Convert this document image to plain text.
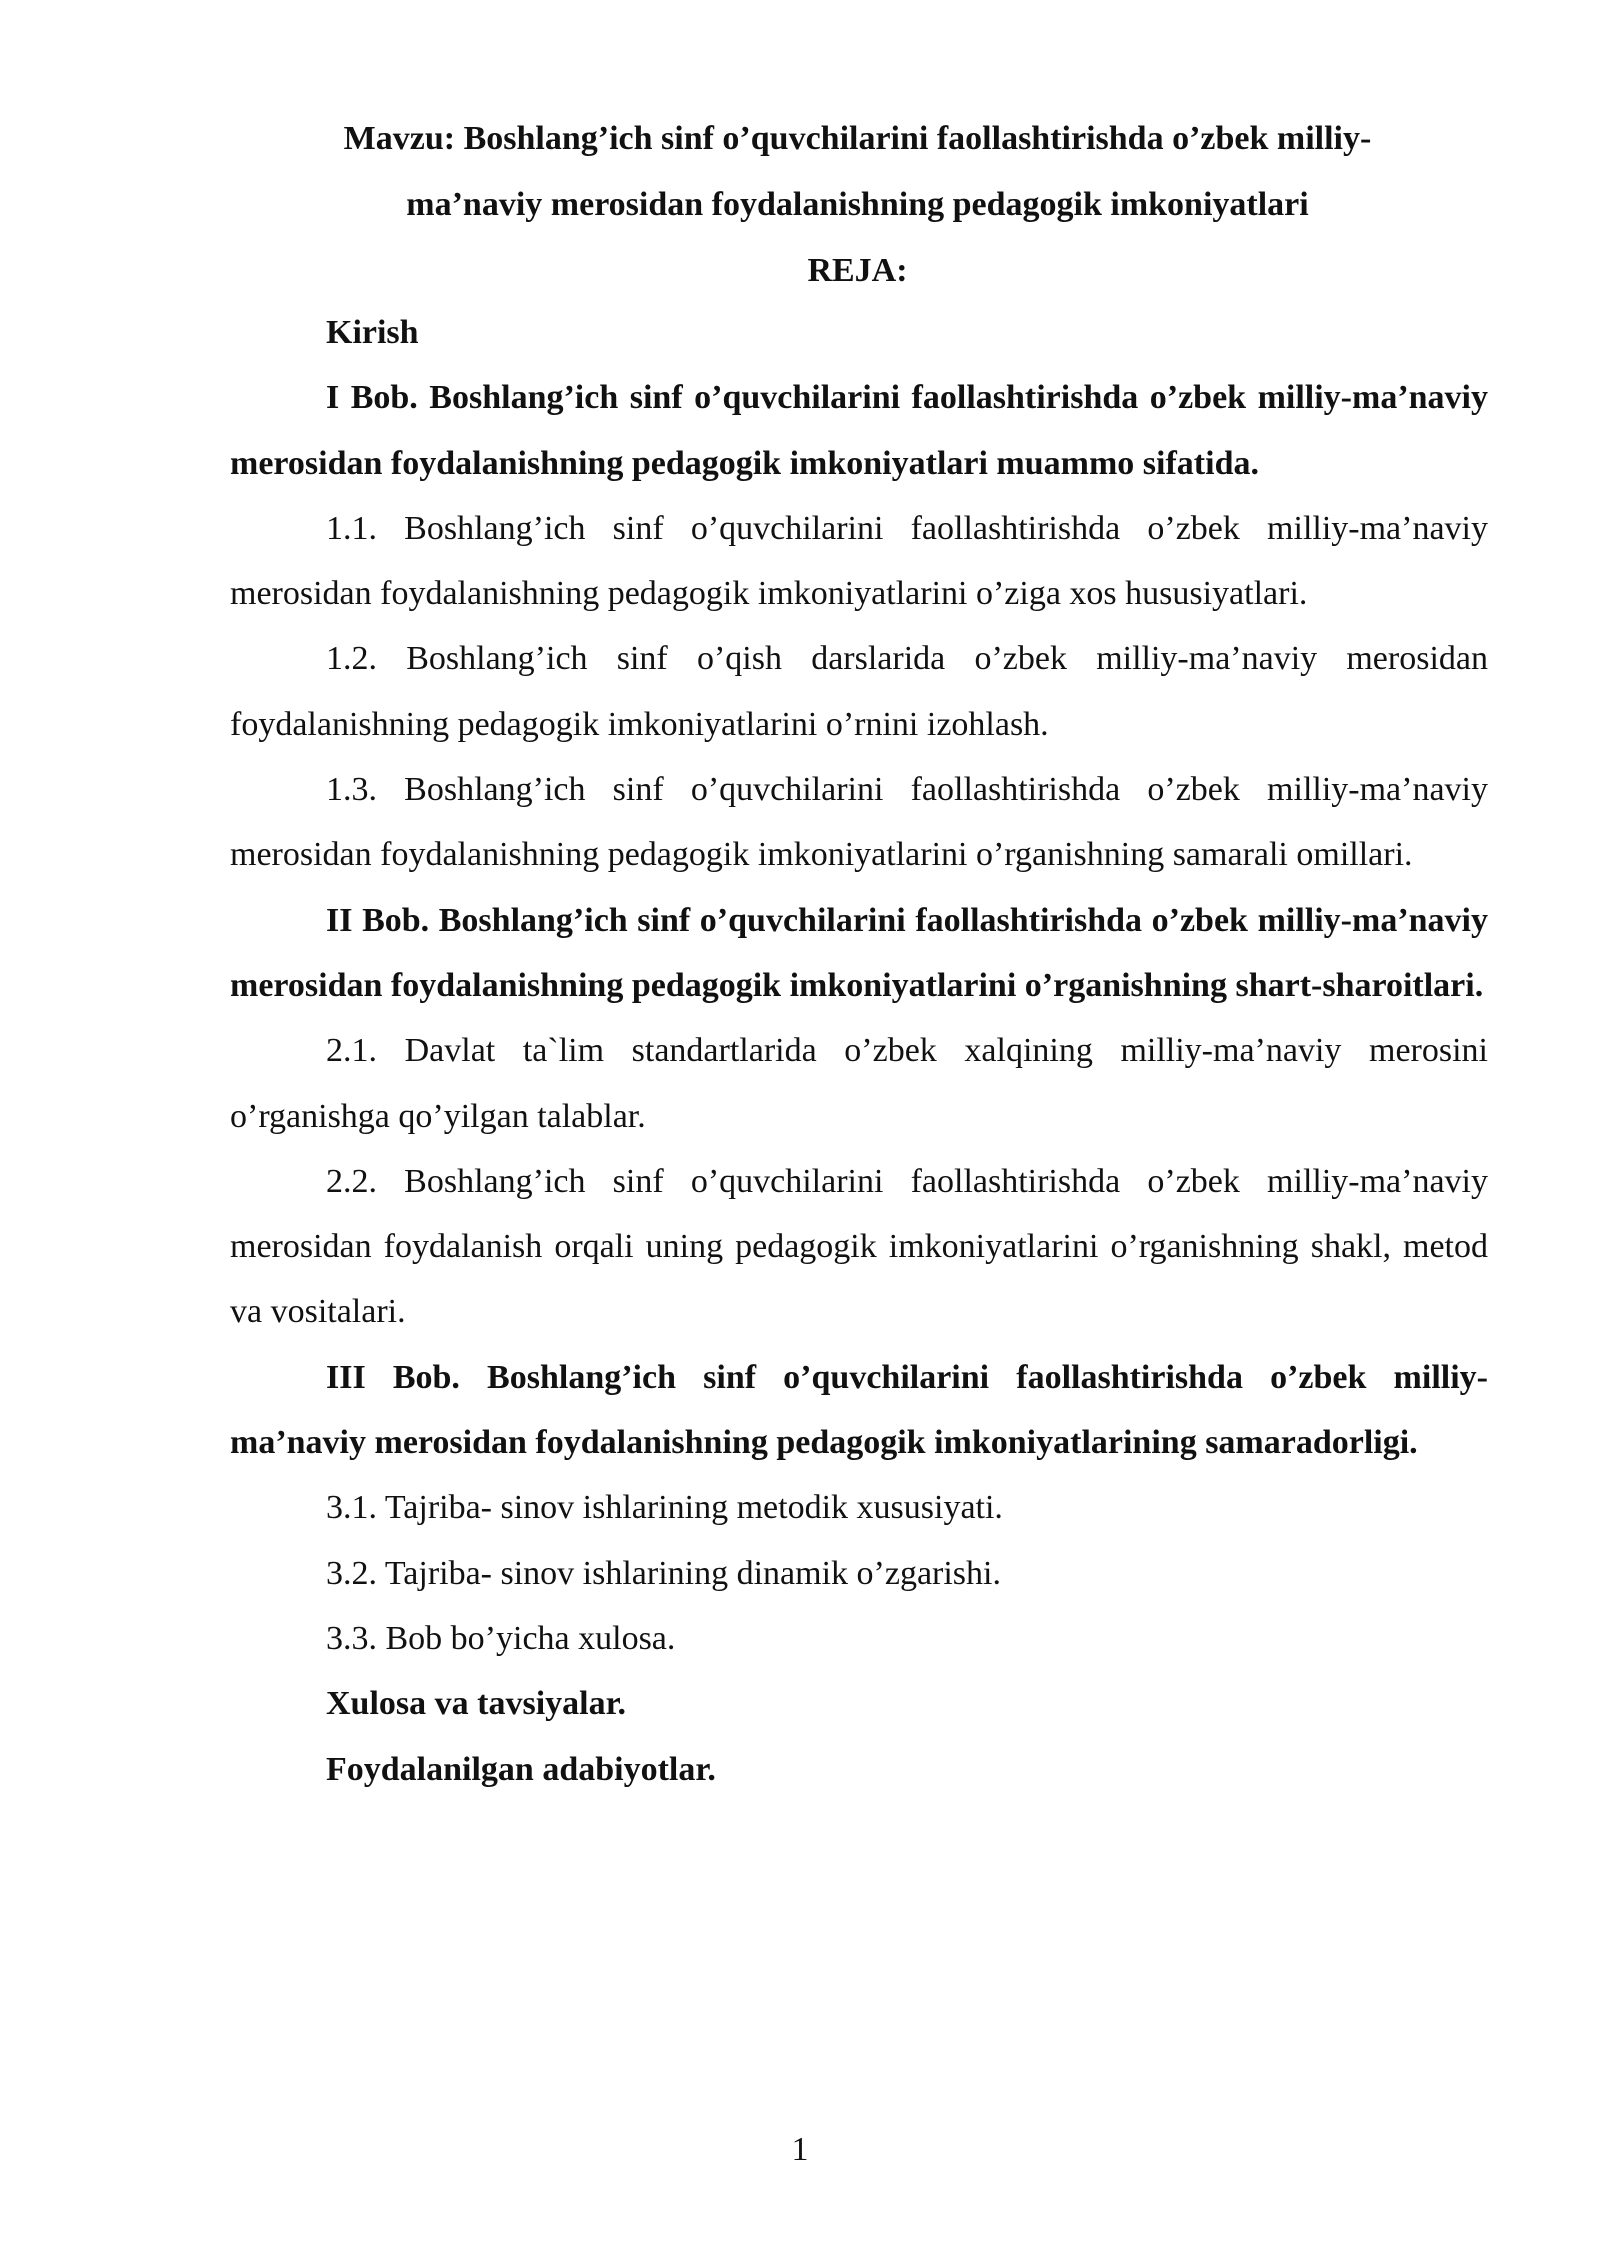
Mavzu: Boshlang’ich sinf o’quvchilarini faollashtirishda o’zbek milliy-
ma’naviy merosidan foydalanishning pedagogik imkoniyatlari
REJA:

Kirish

I Bob. Boshlang’ich sinf o’quvchilarini faollashtirishda o’zbek milliy-ma’naviy merosidan foydalanishning pedagogik imkoniyatlari muammo sifatida.

1.1. Boshlang’ich sinf o’quvchilarini faollashtirishda o’zbek milliy-ma’naviy merosidan foydalanishning pedagogik imkoniyatlarini o’ziga xos hususiyatlari.

1.2. Boshlang’ich sinf o’qish darslarida o’zbek milliy-ma’naviy merosidan foydalanishning pedagogik imkoniyatlarini o’rnini izohlash.

1.3. Boshlang’ich sinf o’quvchilarini faollashtirishda o’zbek milliy-ma’naviy merosidan foydalanishning pedagogik imkoniyatlarini o’rganishning samarali omillari.

II Bob. Boshlang’ich sinf o’quvchilarini faollashtirishda o’zbek milliy-ma’naviy merosidan foydalanishning pedagogik imkoniyatlarini o’rganishning shart-sharoitlari.

2.1. Davlat ta`lim standartlarida o’zbek xalqining milliy-ma’naviy merosini o’rganishga qo’yilgan talablar.

2.2. Boshlang’ich sinf o’quvchilarini faollashtirishda o’zbek milliy-ma’naviy merosidan foydalanish orqali uning pedagogik imkoniyatlarini o’rganishning shakl, metod va vositalari.

III Bob. Boshlang’ich sinf o’quvchilarini faollashtirishda o’zbek milliy-ma’naviy merosidan foydalanishning pedagogik imkoniyatlarining samaradorligi.

3.1. Tajriba- sinov ishlarining metodik xususiyati.

3.2. Tajriba- sinov ishlarining dinamik o’zgarishi.

3.3. Bob bo’yicha xulosa.

Xulosa va tavsiyalar.

Foydalanilgan adabiyotlar.

1
